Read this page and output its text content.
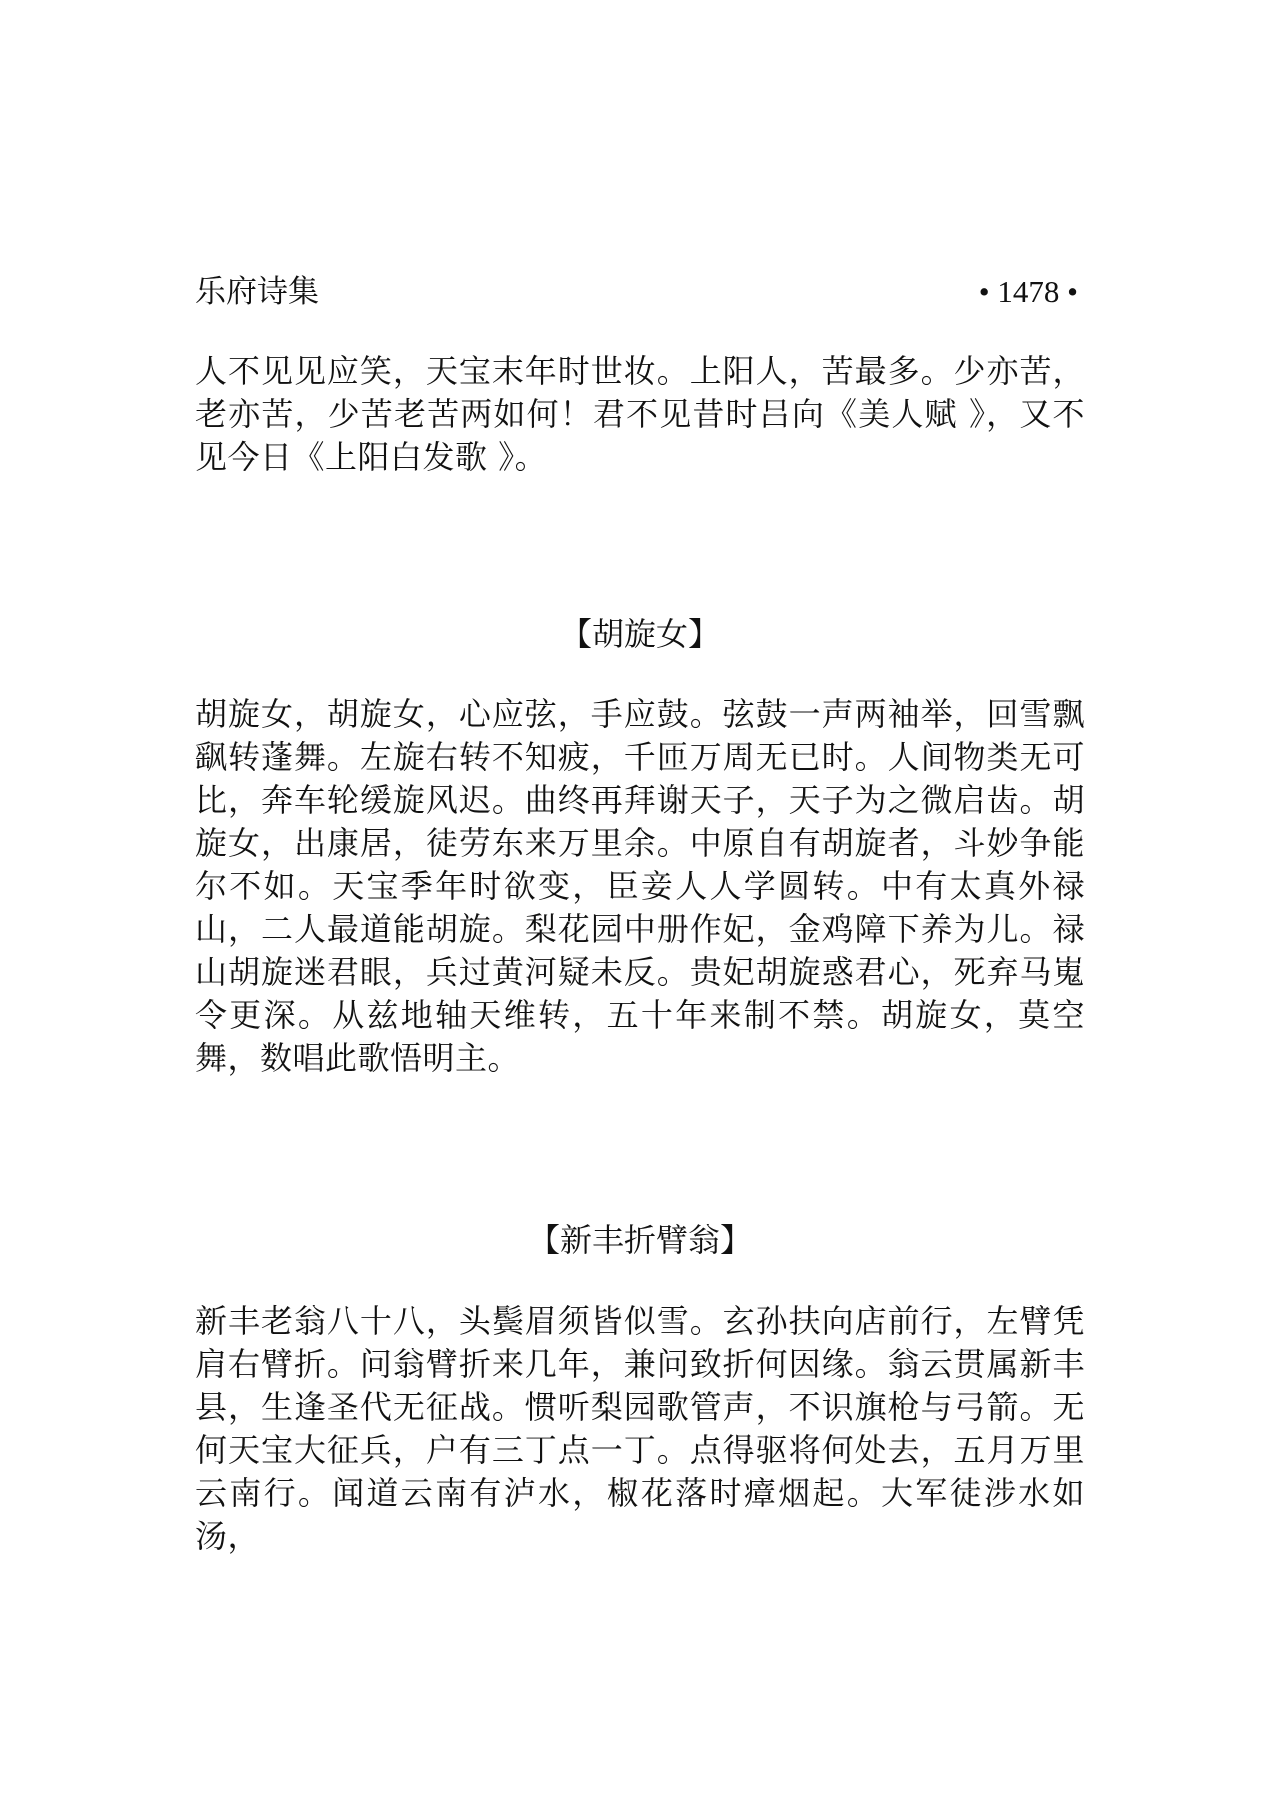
乐府诗集	• 1478 •

人不见见应笑，天宝末年时世妆。上阳人，苦最多。少亦苦，老亦苦，少苦老苦两如何！君不见昔时吕向《美人赋 》，又不见今日《上阳白发歌 》。

【胡旋女】

胡旋女，胡旋女，心应弦，手应鼓。弦鼓一声两袖举，回雪飘飖转蓬舞。左旋右转不知疲，千匝万周无已时。人间物类无可比，奔车轮缓旋风迟。曲终再拜谢天子，天子为之微启齿。胡旋女，出康居，徒劳东来万里余。中原自有胡旋者，斗妙争能尔不如。天宝季年时欲变，臣妾人人学圆转。中有太真外禄山，二人最道能胡旋。梨花园中册作妃，金鸡障下养为儿。禄山胡旋迷君眼，兵过黄河疑未反。贵妃胡旋惑君心，死弃马嵬令更深。从兹地轴天维转，五十年来制不禁。胡旋女，莫空舞，数唱此歌悟明主。

【新丰折臂翁】

新丰老翁八十八，头鬓眉须皆似雪。玄孙扶向店前行，左臂凭肩右臂折。问翁臂折来几年，兼问致折何因缘。翁云贯属新丰县，生逢圣代无征战。惯听梨园歌管声，不识旗枪与弓箭。无何天宝大征兵，户有三丁点一丁。点得驱将何处去，五月万里云南行。闻道云南有泸水，椒花落时瘴烟起。大军徒涉水如汤，
